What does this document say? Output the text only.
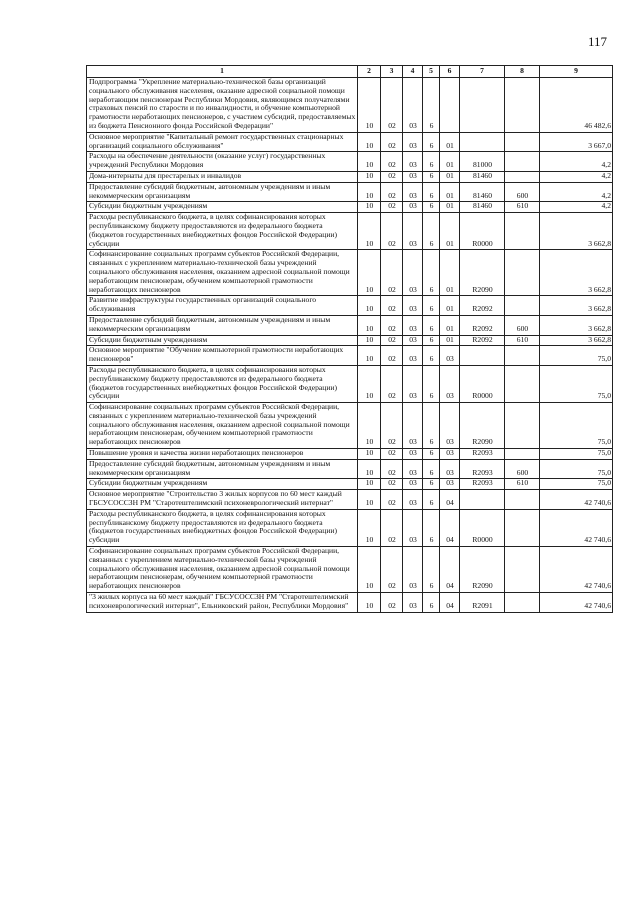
117
1	2	3	4	5	6	7	8	9
Подпрограмма "Укрепление материально-технической базы организаций социального обслуживания населения, оказание адресной социальной помощи неработающим пенсионерам Республики Мордовия, являющимся получателями страховых пенсий по старости и по инвалидности, и обучение компьютерной грамотности неработающих пенсионеров, с участием субсидий, предоставляемых из бюджета Пенсионного фонда Российской Федерации"	10	02	03	6				46 482,6
Основное мероприятие "Капитальный ремонт государственных стационарных организаций социального обслуживания"	10	02	03	6	01			3 667,0
Расходы на обеспечение деятельности (оказание услуг) государственных учреждений Республики Мордовия	10	02	03	6	01	81000		4,2
Дома-интернаты для престарелых и инвалидов	10	02	03	6	01	81460		4,2
Предоставление субсидий бюджетным, автономным учреждениям и иным некоммерческим организациям	10	02	03	6	01	81460	600	4,2
Субсидии бюджетным учреждениям	10	02	03	6	01	81460	610	4,2
Расходы республиканского бюджета, в целях софинансирования которых республиканскому бюджету предоставляются из федерального бюджета (бюджетов государственных внебюджетных фондов Российской Федерации) субсидии	10	02	03	6	01	R0000		3 662,8
Софинансирование социальных программ субъектов Российской Федерации, связанных с укреплением материально-технической базы учреждений социального обслуживания населения, оказанием адресной социальной помощи неработающим пенсионерам, обучением компьютерной грамотности неработающих пенсионеров	10	02	03	6	01	R2090		3 662,8
Развитие инфраструктуры государственных организаций социального обслуживания	10	02	03	6	01	R2092		3 662,8
Предоставление субсидий бюджетным, автономным учреждениям и иным некоммерческим организациям	10	02	03	6	01	R2092	600	3 662,8
Субсидии бюджетным учреждениям	10	02	03	6	01	R2092	610	3 662,8
Основное мероприятие "Обучение компьютерной грамотности неработающих пенсионеров"	10	02	03	6	03			75,0
Расходы республиканского бюджета, в целях софинансирования которых республиканскому бюджету предоставляются из федерального бюджета (бюджетов государственных внебюджетных фондов Российской Федерации) субсидии	10	02	03	6	03	R0000		75,0
Софинансирование социальных программ субъектов Российской Федерации, связанных с укреплением материально-технической базы учреждений социального обслуживания населения, оказанием адресной социальной помощи неработающим пенсионерам, обучением компьютерной грамотности неработающих пенсионеров	10	02	03	6	03	R2090		75,0
Повышение уровня и качества жизни неработающих пенсионеров	10	02	03	6	03	R2093		75,0
Предоставление субсидий бюджетным, автономным учреждениям и иным некоммерческим организациям	10	02	03	6	03	R2093	600	75,0
Субсидии бюджетным учреждениям	10	02	03	6	03	R2093	610	75,0
Основное мероприятие "Строительство 3 жилых корпусов по 60 мест каждый ГБСУСОССЗН РМ "Старотештелимский психоневрологический интернат"	10	02	03	6	04			42 740,6
Расходы республиканского бюджета, в целях софинансирования которых республиканскому бюджету предоставляются из федерального бюджета (бюджетов государственных внебюджетных фондов Российской Федерации) субсидии	10	02	03	6	04	R0000		42 740,6
Софинансирование социальных программ субъектов Российской Федерации, связанных с укреплением материально-технической базы учреждений социального обслуживания населения, оказанием адресной социальной помощи неработающим пенсионерам, обучением компьютерной грамотности неработающих пенсионеров	10	02	03	6	04	R2090		42 740,6
"3 жилых корпуса на 60 мест каждый" ГБСУСОССЗН РМ "Старотештелимский психоневрологический интернат", Ельниковский район, Республики Мордовия"	10	02	03	6	04	R2091		42 740,6
